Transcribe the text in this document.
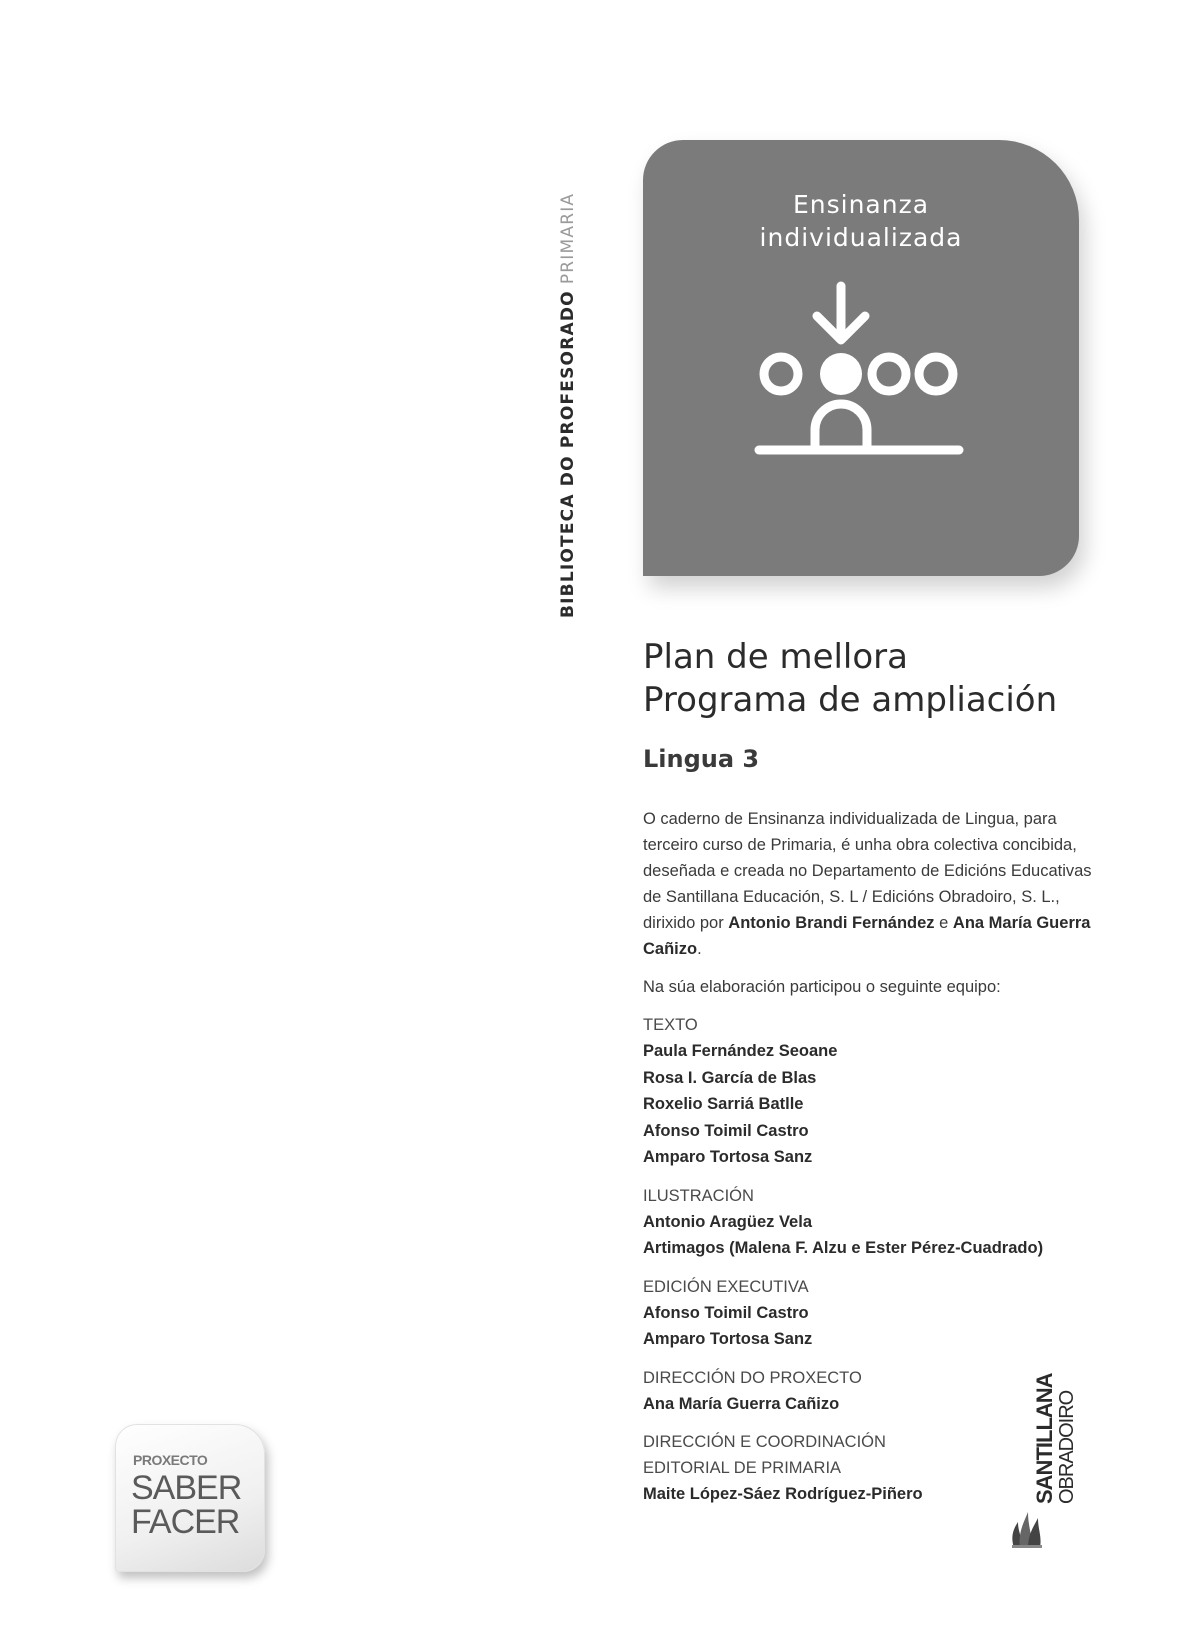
BIBLIOTECA DO PROFESORADOPRIMARIA	Ensinanza
individualizada
Plan de mellora
Programa de ampliación
Lingua 3

O caderno de Ensinanza individualizada de Lingua, para terceiro curso de Primaria, é unha obra colectiva concibida, deseñada e creada no Departamento de Edicións Educativas de Santillana Educación, S. L / Edicións Obradoiro, S. L., dirixido por Antonio Brandi Fernández e Ana María Guerra Cañizo.

Na súa elaboración participou o seguinte equipo:

TEXTO
Paula Fernández Seoane
Rosa I. García de Blas
Roxelio Sarriá Batlle
Afonso Toimil Castro
Amparo Tortosa Sanz
ILUSTRACIÓN
Antonio Aragüez Vela
Artimagos (Malena F. Alzu e Ester Pérez-Cuadrado)
EDICIÓN EXECUTIVA
Afonso Toimil Castro
Amparo Tortosa Sanz
DIRECCIÓN DO PROXECTO
Ana María Guerra Cañizo
DIRECCIÓN E COORDINACIÓN EDITORIAL DE PRIMARIA
Maite López-Sáez Rodríguez-Piñero
PROXECTO
SABER
FACER
SANTILLANA OBRADOIRO
